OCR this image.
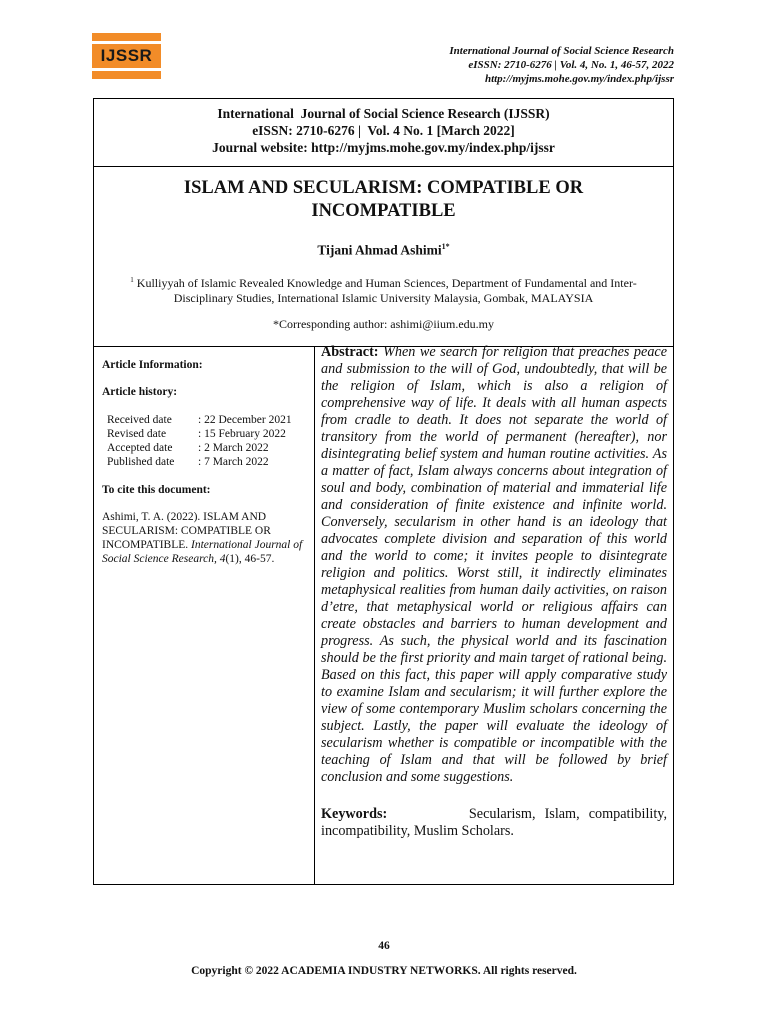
IJSSR	International Journal of Social Science Research
eISSN: 2710-6276 | Vol. 4, No. 1, 46-57, 2022
http://myjms.mohe.gov.my/index.php/ijssr
International  Journal of Social Science Research (IJSSR)
eISSN: 2710-6276 |  Vol. 4 No. 1 [March 2022]
Journal website: http://myjms.mohe.gov.my/index.php/ijssr
ISLAM AND SECULARISM: COMPATIBLE OR
INCOMPATIBLE
Tijani Ahmad Ashimi$^{1*}$
$^1$ Kulliyyah of Islamic Revealed Knowledge and Human Sciences, Department of Fundamental and Inter-Disciplinary Studies, International Islamic University Malaysia, Gombak, MALAYSIA
*Corresponding author: ashimi@iium.edu.my
Article Information:
Article history:
Received date	: 22 December 2021
Revised date	: 15 February 2022
Accepted date	: 2 March 2022
Published date	: 7 March 2022
To cite this document:
Ashimi, T. A. (2022). ISLAM AND SECULARISM: COMPATIBLE OR INCOMPATIBLE. International Journal of Social Science Research, 4(1), 46-57.
Abstract: When we search for religion that preaches peace and submission to the will of God, undoubtedly, that will be the religion of Islam, which is also a religion of comprehensive way of life. It deals with all human aspects from cradle to death. It does not separate the world of transitory from the world of permanent (hereafter), nor disintegrating belief system and human routine activities. As a matter of fact, Islam always concerns about integration of soul and body, combination of material and immaterial life and consideration of finite existence and infinite world. Conversely, secularism in other hand is an ideology that advocates complete division and separation of this world and the world to come; it invites people to disintegrate religion and politics. Worst still, it indirectly eliminates metaphysical realities from human daily activities, on raison d’etre, that metaphysical world or religious affairs can create obstacles and barriers to human development and progress. As such, the physical world and its fascination should be the first priority and main target of rational being. Based on this fact, this paper will apply comparative study to examine Islam and secularism; it will further explore the view of some contemporary Muslim scholars concerning the subject. Lastly, the paper will evaluate the ideology of secularism whether is compatible or incompatible with the teaching of Islam and that will be followed by brief conclusion and some suggestions.
Keywords:	Secularism, Islam, compatibility, incompatibility, Muslim Scholars.
46
Copyright © 2022 ACADEMIA INDUSTRY NETWORKS. All rights reserved.
